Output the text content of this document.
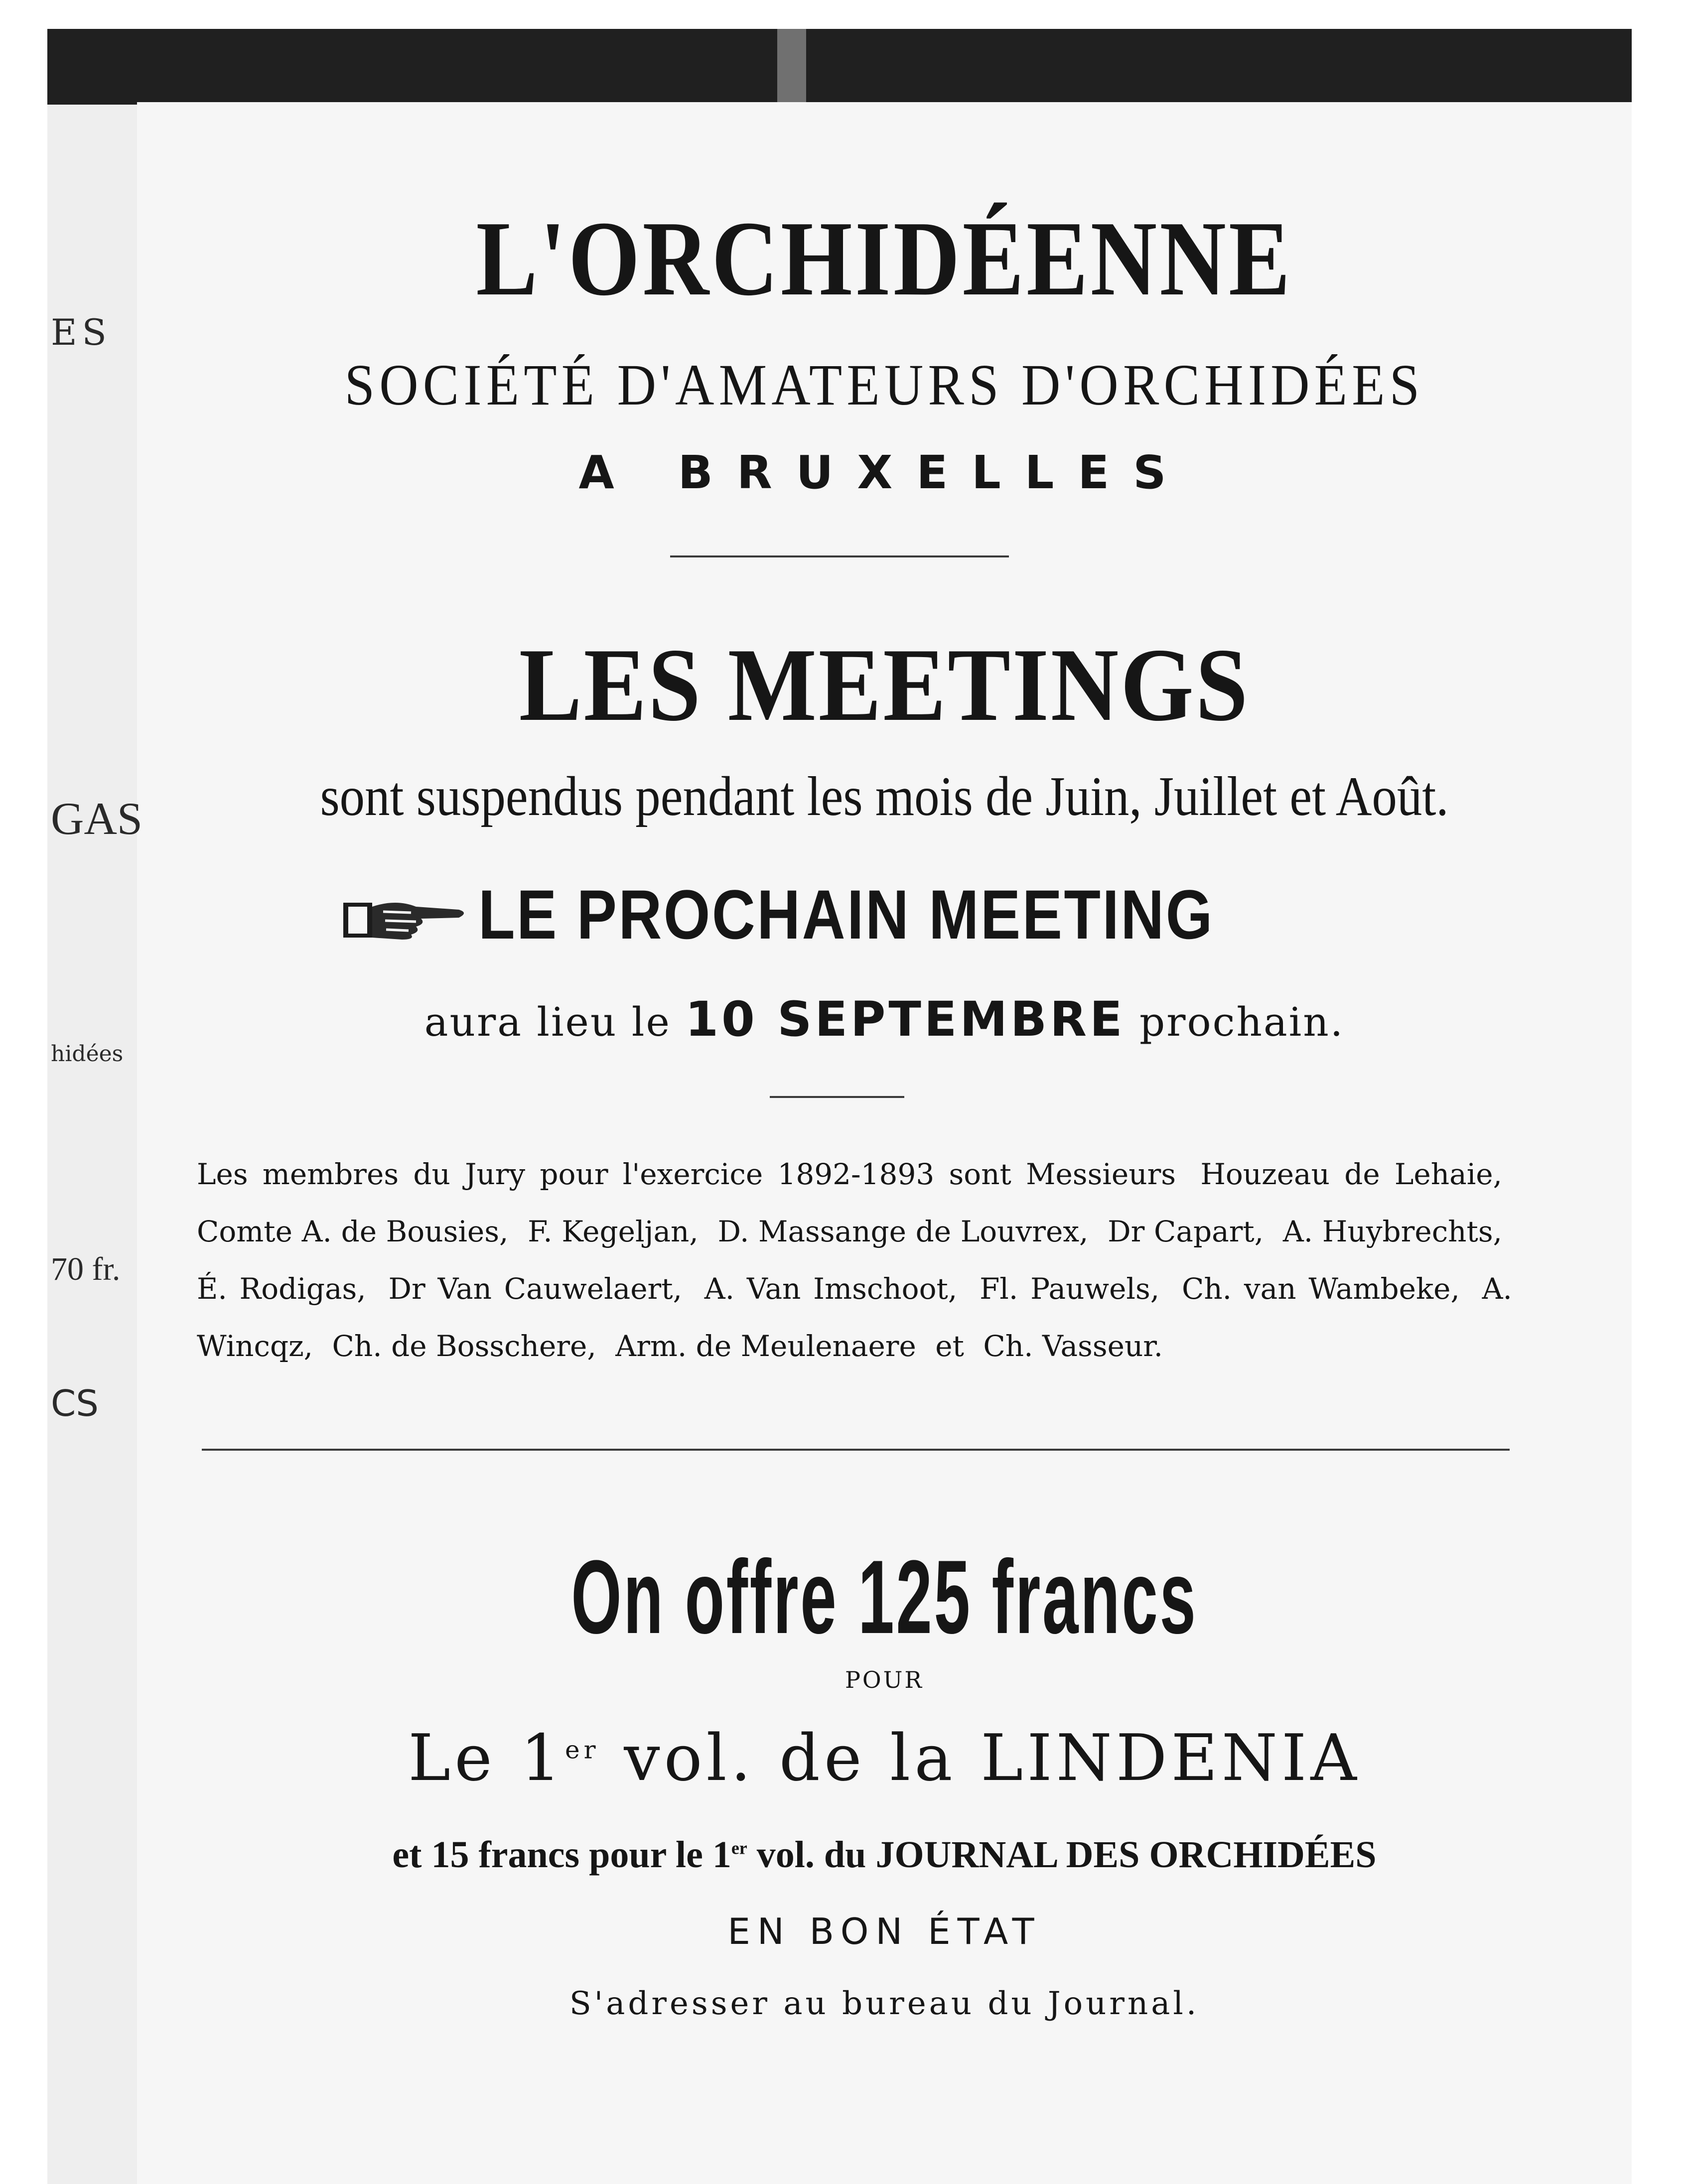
ES
GAS
hidées
70 fr.
CS
L'ORCHIDÉENNE
SOCIÉTÉ D'AMATEURS D'ORCHIDÉES
A BRUXELLES
LES MEETINGS
sont suspendus pendant les mois de Juin, Juillet et Août.
LE PROCHAIN MEETING
aura lieu le 10 SEPTEMBRE prochain.
Les membres du Jury pour l'exercice 1892-1893 sont Messieurs Houzeau de Lehaie, Comte A. de Bousies, F. Kegeljan, D. Massange de Louvrex, Dr Capart, A. Huybrechts, É. Rodigas, Dr Van Cauwelaert, A. Van Imschoot, Fl. Pauwels, Ch. van Wambeke, A. Wincqz, Ch. de Bosschere, Arm. de Meulenaere et Ch. Vasseur.
On offre 125 francs
POUR
Le 1er vol. de la LINDENIA
et 15 francs pour le 1er vol. du JOURNAL DES ORCHIDÉES
EN BON ÉTAT
S'adresser au bureau du Journal.
